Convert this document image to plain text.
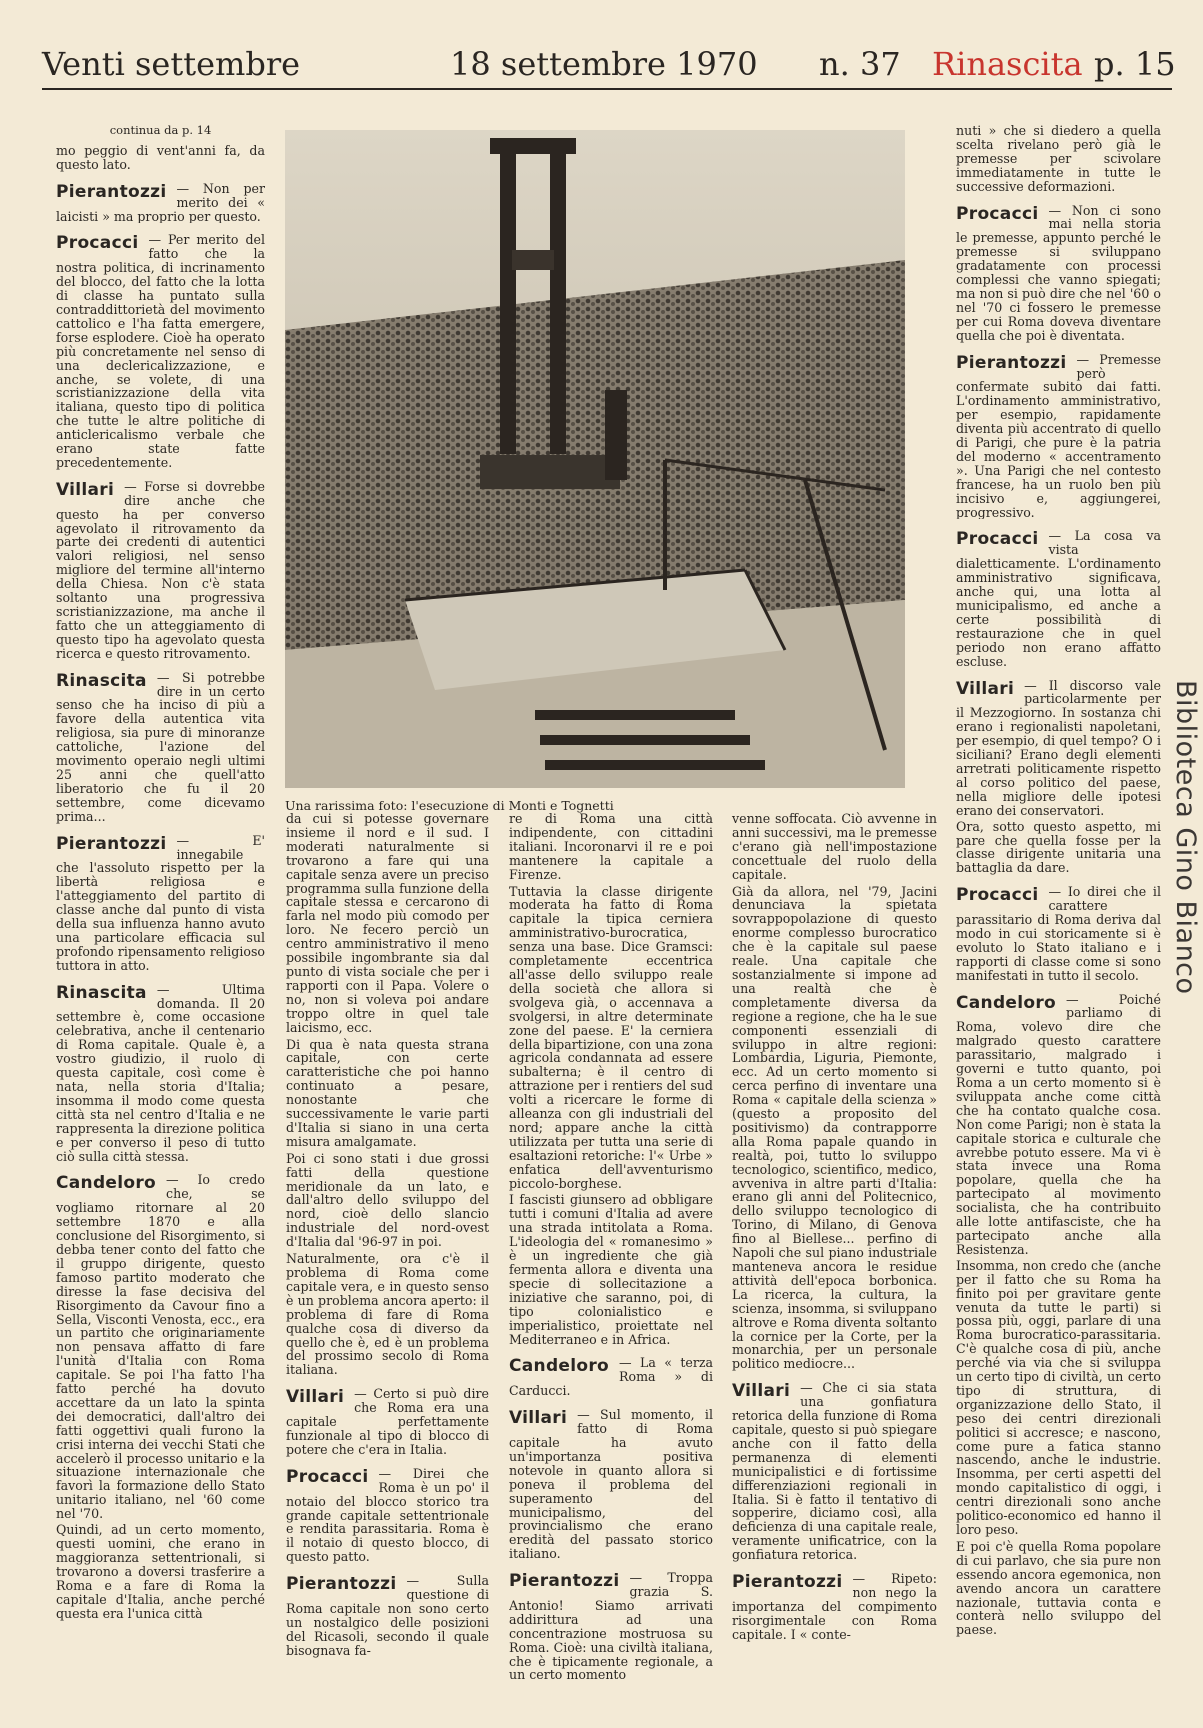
Venti settembre	18 settembre 1970 n. 37 Rinascita p. 15
continua da p. 14

mo peggio di vent'anni fa, da questo lato.

Pierantozzi — Non per merito dei « laicisti » ma proprio per questo.
Procacci — Per merito del fatto che la nostra politica, di incrinamento del blocco, del fatto che la lotta di classe ha puntato sulla contraddittorietà del movimento cattolico e l'ha fatta emergere, forse esplodere. Cioè ha operato più concretamente nel senso di una declericalizzazione, e anche, se volete, di una scristianizzazione della vita italiana, questo tipo di politica che tutte le altre politiche di anticlericalismo verbale che erano state fatte precedentemente.
Villari — Forse si dovrebbe dire anche che questo ha per converso agevolato il ritrovamento da parte dei credenti di autentici valori religiosi, nel senso migliore del termine all'interno della Chiesa. Non c'è stata soltanto una progressiva scristianizzazione, ma anche il fatto che un atteggiamento di questo tipo ha agevolato questa ricerca e questo ritrovamento.
Rinascita — Si potrebbe dire in un certo senso che ha inciso di più a favore della autentica vita religiosa, sia pure di minoranze cattoliche, l'azione del movimento operaio negli ultimi 25 anni che quell'atto liberatorio che fu il 20 settembre, come dicevamo prima...
Pierantozzi — E' innegabile che l'assoluto rispetto per la libertà religiosa e l'atteggiamento del partito di classe anche dal punto di vista della sua influenza hanno avuto una particolare efficacia sul profondo ripensamento religioso tuttora in atto.
Rinascita — Ultima domanda. Il 20 settembre è, come occasione celebrativa, anche il centenario di Roma capitale. Quale è, a vostro giudizio, il ruolo di questa capitale, così come è nata, nella storia d'Italia; insomma il modo come questa città sta nel centro d'Italia e ne rappresenta la direzione politica e per converso il peso di tutto ciò sulla città stessa.
Candeloro — Io credo che, se vogliamo ritornare al 20 settembre 1870 e alla conclusione del Risorgimento, si debba tener conto del fatto che il gruppo dirigente, questo famoso partito moderato che diresse la fase decisiva del Risorgimento da Cavour fino a Sella, Visconti Venosta, ecc., era un partito che originariamente non pensava affatto di fare l'unità d'Italia con Roma capitale. Se poi l'ha fatto l'ha fatto perché ha dovuto accettare da un lato la spinta dei democratici, dall'altro dei fatti oggettivi quali furono la crisi interna dei vecchi Stati che accelerò il processo unitario e la situazione internazionale che favorì la formazione dello Stato unitario italiano, nel '60 come nel '70.

Quindi, ad un certo momento, questi uomini, che erano in maggioranza settentrionali, si trovarono a doversi trasferire a Roma e a fare di Roma la capitale d'Italia, anche perché questa era l'unica città

Una rarissima foto: l'esecuzione di Monti e Tognetti

da cui si potesse governare insieme il nord e il sud. I moderati naturalmente si trovarono a fare qui una capitale senza avere un preciso programma sulla funzione della capitale stessa e cercarono di farla nel modo più comodo per loro. Ne fecero perciò un centro amministrativo il meno possibile ingombrante sia dal punto di vista sociale che per i rapporti con il Papa. Volere o no, non si voleva poi andare troppo oltre in quel tale laicismo, ecc.

Di qua è nata questa strana capitale, con certe caratteristiche che poi hanno continuato a pesare, nonostante che successivamente le varie parti d'Italia si siano in una certa misura amalgamate.

Poi ci sono stati i due grossi fatti della questione meridionale da un lato, e dall'altro dello sviluppo del nord, cioè dello slancio industriale del nord-ovest d'Italia dal '96-97 in poi.

Naturalmente, ora c'è il problema di Roma come capitale vera, e in questo senso è un problema ancora aperto: il problema di fare di Roma qualche cosa di diverso da quello che è, ed è un problema del prossimo secolo di Roma italiana.

Villari — Certo si può dire che Roma era una capitale perfettamente funzionale al tipo di blocco di potere che c'era in Italia.
Procacci — Direi che Roma è un po' il notaio del blocco storico tra grande capitale settentrionale e rendita parassitaria. Roma è il notaio di questo blocco, di questo patto.
Pierantozzi — Sulla questione di Roma capitale non sono certo un nostalgico delle posizioni del Ricasoli, secondo il quale bisognava fa-

re di Roma una città indipendente, con cittadini italiani. Incoronarvi il re e poi mantenere la capitale a Firenze.

Tuttavia la classe dirigente moderata ha fatto di Roma capitale la tipica cerniera amministrativo-burocratica, senza una base. Dice Gramsci: completamente eccentrica all'asse dello sviluppo reale della società che allora si svolgeva già, o accennava a svolgersi, in altre determinate zone del paese. E' la cerniera della bipartizione, con una zona agricola condannata ad essere subalterna; è il centro di attrazione per i rentiers del sud volti a ricercare le forme di alleanza con gli industriali del nord; appare anche la città utilizzata per tutta una serie di esaltazioni retoriche: l'« Urbe » enfatica dell'avventurismo piccolo-borghese.

I fascisti giunsero ad obbligare tutti i comuni d'Italia ad avere una strada intitolata a Roma. L'ideologia del « romanesimo » è un ingrediente che già fermenta allora e diventa una specie di sollecitazione a iniziative che saranno, poi, di tipo colonialistico e imperialistico, proiettate nel Mediterraneo e in Africa.

Candeloro — La « terza Roma » di Carducci.
Villari — Sul momento, il fatto di Roma capitale ha avuto un'importanza positiva notevole in quanto allora si poneva il problema del superamento del municipalismo, del provincialismo che erano eredità del passato storico italiano.
Pierantozzi — Troppa grazia S. Antonio! Siamo arrivati addirittura ad una concentrazione mostruosa su Roma. Cioè: una civiltà italiana, che è tipicamente regionale, a un certo momento

venne soffocata. Ciò avvenne in anni successivi, ma le premesse c'erano già nell'impostazione concettuale del ruolo della capitale.

Già da allora, nel '79, Jacini denunciava la spietata sovrappopolazione di questo enorme complesso burocratico che è la capitale sul paese reale. Una capitale che sostanzialmente si impone ad una realtà che è completamente diversa da regione a regione, che ha le sue componenti essenziali di sviluppo in altre regioni: Lombardia, Liguria, Piemonte, ecc. Ad un certo momento si cerca perfino di inventare una Roma « capitale della scienza » (questo a proposito del positivismo) da contrapporre alla Roma papale quando in realtà, poi, tutto lo sviluppo tecnologico, scientifico, medico, avveniva in altre parti d'Italia: erano gli anni del Politecnico, dello sviluppo tecnologico di Torino, di Milano, di Genova fino al Biellese... perfino di Napoli che sul piano industriale manteneva ancora le residue attività dell'epoca borbonica. La ricerca, la cultura, la scienza, insomma, si sviluppano altrove e Roma diventa soltanto la cornice per la Corte, per la monarchia, per un personale politico mediocre...

Villari — Che ci sia stata una gonfiatura retorica della funzione di Roma capitale, questo si può spiegare anche con il fatto della permanenza di elementi municipalistici e di fortissime differenziazioni regionali in Italia. Si è fatto il tentativo di sopperire, diciamo così, alla deficienza di una capitale reale, veramente unificatrice, con la gonfiatura retorica.
Pierantozzi — Ripeto: non nego la importanza del compimento risorgimentale con Roma capitale. I « conte-

nuti » che si diedero a quella scelta rivelano però già le premesse per scivolare immediatamente in tutte le successive deformazioni.

Procacci — Non ci sono mai nella storia le premesse, appunto perché le premesse si sviluppano gradatamente con processi complessi che vanno spiegati; ma non si può dire che nel '60 o nel '70 ci fossero le premesse per cui Roma doveva diventare quella che poi è diventata.
Pierantozzi — Premesse però confermate subito dai fatti. L'ordinamento amministrativo, per esempio, rapidamente diventa più accentrato di quello di Parigi, che pure è la patria del moderno « accentramento ». Una Parigi che nel contesto francese, ha un ruolo ben più incisivo e, aggiungerei, progressivo.
Procacci — La cosa va vista dialetticamente. L'ordinamento amministrativo significava, anche qui, una lotta al municipalismo, ed anche a certe possibilità di restaurazione che in quel periodo non erano affatto escluse.
Villari — Il discorso vale particolarmente per il Mezzogiorno. In sostanza chi erano i regionalisti napoletani, per esempio, di quel tempo? O i siciliani? Erano degli elementi arretrati politicamente rispetto al corso politico del paese, nella migliore delle ipotesi erano dei conservatori.

Ora, sotto questo aspetto, mi pare che quella fosse per la classe dirigente unitaria una battaglia da dare.

Procacci — Io direi che il carattere parassitario di Roma deriva dal modo in cui storicamente si è evoluto lo Stato italiano e i rapporti di classe come si sono manifestati in tutto il secolo.
Candeloro — Poiché parliamo di Roma, volevo dire che malgrado questo carattere parassitario, malgrado i governi e tutto quanto, poi Roma a un certo momento si è sviluppata anche come città che ha contato qualche cosa. Non come Parigi; non è stata la capitale storica e culturale che avrebbe potuto essere. Ma vi è stata invece una Roma popolare, quella che ha partecipato al movimento socialista, che ha contribuito alle lotte antifasciste, che ha partecipato anche alla Resistenza.

Insomma, non credo che (anche per il fatto che su Roma ha finito poi per gravitare gente venuta da tutte le parti) si possa più, oggi, parlare di una Roma burocratico-parassitaria. C'è qualche cosa di più, anche perché via via che si sviluppa un certo tipo di civiltà, un certo tipo di struttura, di organizzazione dello Stato, il peso dei centri direzionali politici si accresce; e nascono, come pure a fatica stanno nascendo, anche le industrie. Insomma, per certi aspetti del mondo capitalistico di oggi, i centri direzionali sono anche politico-economico ed hanno il loro peso.

E poi c'è quella Roma popolare di cui parlavo, che sia pure non essendo ancora egemonica, non avendo ancora un carattere nazionale, tuttavia conta e conterà nello sviluppo del paese.

Biblioteca Gino Bianco
